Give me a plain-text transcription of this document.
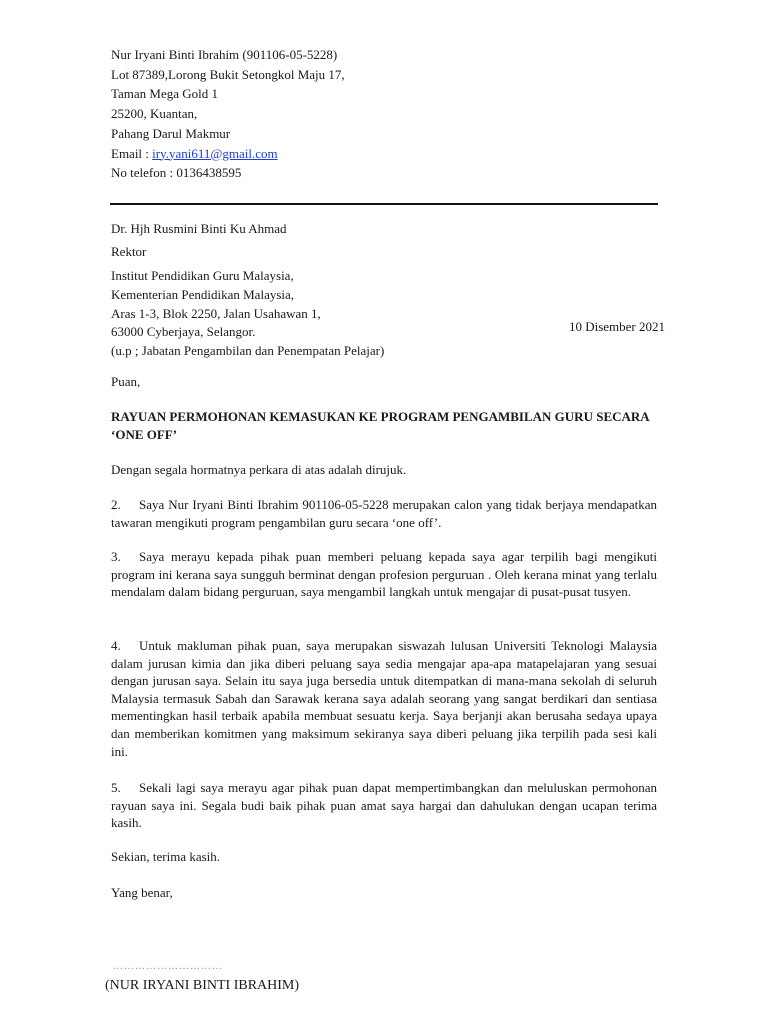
Nur Iryani Binti Ibrahim (901106-05-5228)
Lot 87389,Lorong Bukit Setongkol Maju 17,
Taman Mega Gold 1
25200, Kuantan,
Pahang Darul Makmur
Email : iry.yani611@gmail.com
No telefon : 0136438595
Dr. Hjh Rusmini Binti Ku Ahmad
Rektor
Institut Pendidikan Guru Malaysia,
Kementerian Pendidikan Malaysia,
Aras 1-3, Blok 2250, Jalan Usahawan 1,
63000 Cyberjaya, Selangor.
(u.p ; Jabatan Pengambilan dan Penempatan Pelajar)
10 Disember 2021
Puan,
RAYUAN PERMOHONAN KEMASUKAN KE PROGRAM PENGAMBILAN GURU SECARA ‘ONE OFF’
Dengan segala hormatnya perkara di atas adalah dirujuk.
2. Saya Nur Iryani Binti Ibrahim 901106-05-5228 merupakan calon yang tidak berjaya mendapatkan tawaran mengikuti program pengambilan guru secara ‘one off’.
3. Saya merayu kepada pihak puan memberi peluang kepada saya agar terpilih bagi mengikuti program ini kerana saya sungguh berminat dengan profesion perguruan . Oleh kerana minat yang terlalu mendalam dalam bidang perguruan, saya mengambil langkah untuk mengajar di pusat-pusat tusyen.
4. Untuk makluman pihak puan, saya merupakan siswazah lulusan Universiti Teknologi Malaysia dalam jurusan kimia dan jika diberi peluang saya sedia mengajar apa-apa matapelajaran yang sesuai dengan jurusan saya. Selain itu saya juga bersedia untuk ditempatkan di mana-mana sekolah di seluruh Malaysia termasuk Sabah dan Sarawak kerana saya adalah seorang yang sangat berdikari dan sentiasa mementingkan hasil terbaik apabila membuat sesuatu kerja. Saya berjanji akan berusaha sedaya upaya dan memberikan komitmen yang maksimum sekiranya saya diberi peluang jika terpilih pada sesi kali ini.
5. Sekali lagi saya merayu agar pihak puan dapat mempertimbangkan dan meluluskan permohonan rayuan saya ini. Segala budi baik pihak puan amat saya hargai dan dahulukan dengan ucapan terima kasih.
Sekian, terima kasih.
Yang benar,
…………………………
(NUR IRYANI BINTI IBRAHIM)
